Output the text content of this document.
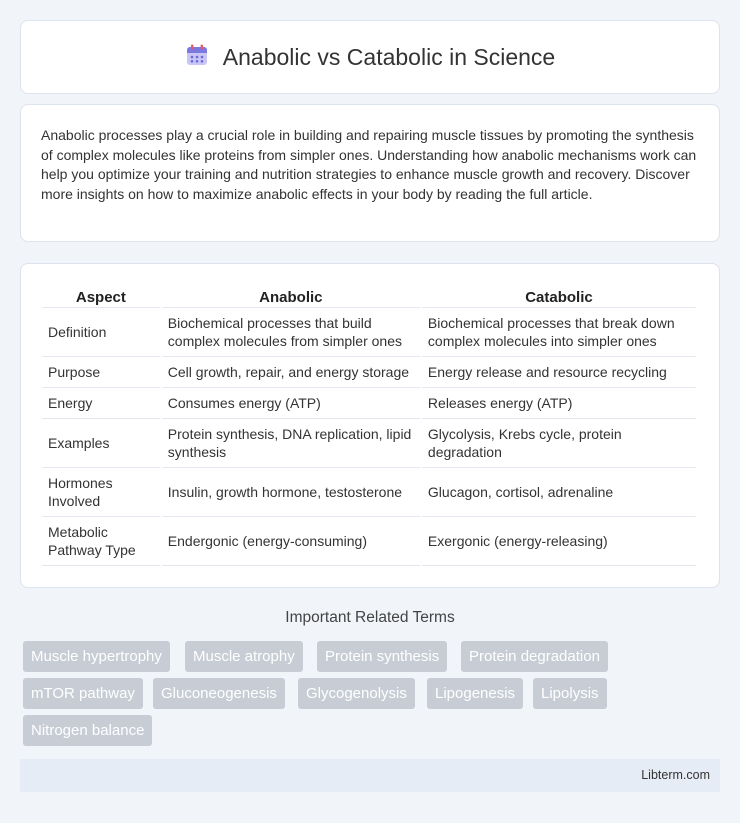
Anabolic vs Catabolic in Science

Anabolic processes play a crucial role in building and repairing muscle tissues by promoting the synthesis of complex molecules like proteins from simpler ones. Understanding how anabolic mechanisms work can help you optimize your training and nutrition strategies to enhance muscle growth and recovery. Discover more insights on how to maximize anabolic effects in your body by reading the full article.

Aspect	Anabolic	Catabolic
Definition	Biochemical processes that build complex molecules from simpler ones	Biochemical processes that break down complex molecules into simpler ones
Purpose	Cell growth, repair, and energy storage	Energy release and resource recycling
Energy	Consumes energy (ATP)	Releases energy (ATP)
Examples	Protein synthesis, DNA replication, lipid synthesis	Glycolysis, Krebs cycle, protein degradation
Hormones Involved	Insulin, growth hormone, testosterone	Glucagon, cortisol, adrenaline
Metabolic Pathway Type	Endergonic (energy-consuming)	Exergonic (energy-releasing)
Important Related Terms
Muscle hypertrophy	Muscle atrophy	Protein synthesis	Protein degradation
mTOR pathway	Gluconeogenesis	Glycogenolysis	Lipogenesis	Lipolysis
Nitrogen balance
Libterm.com
